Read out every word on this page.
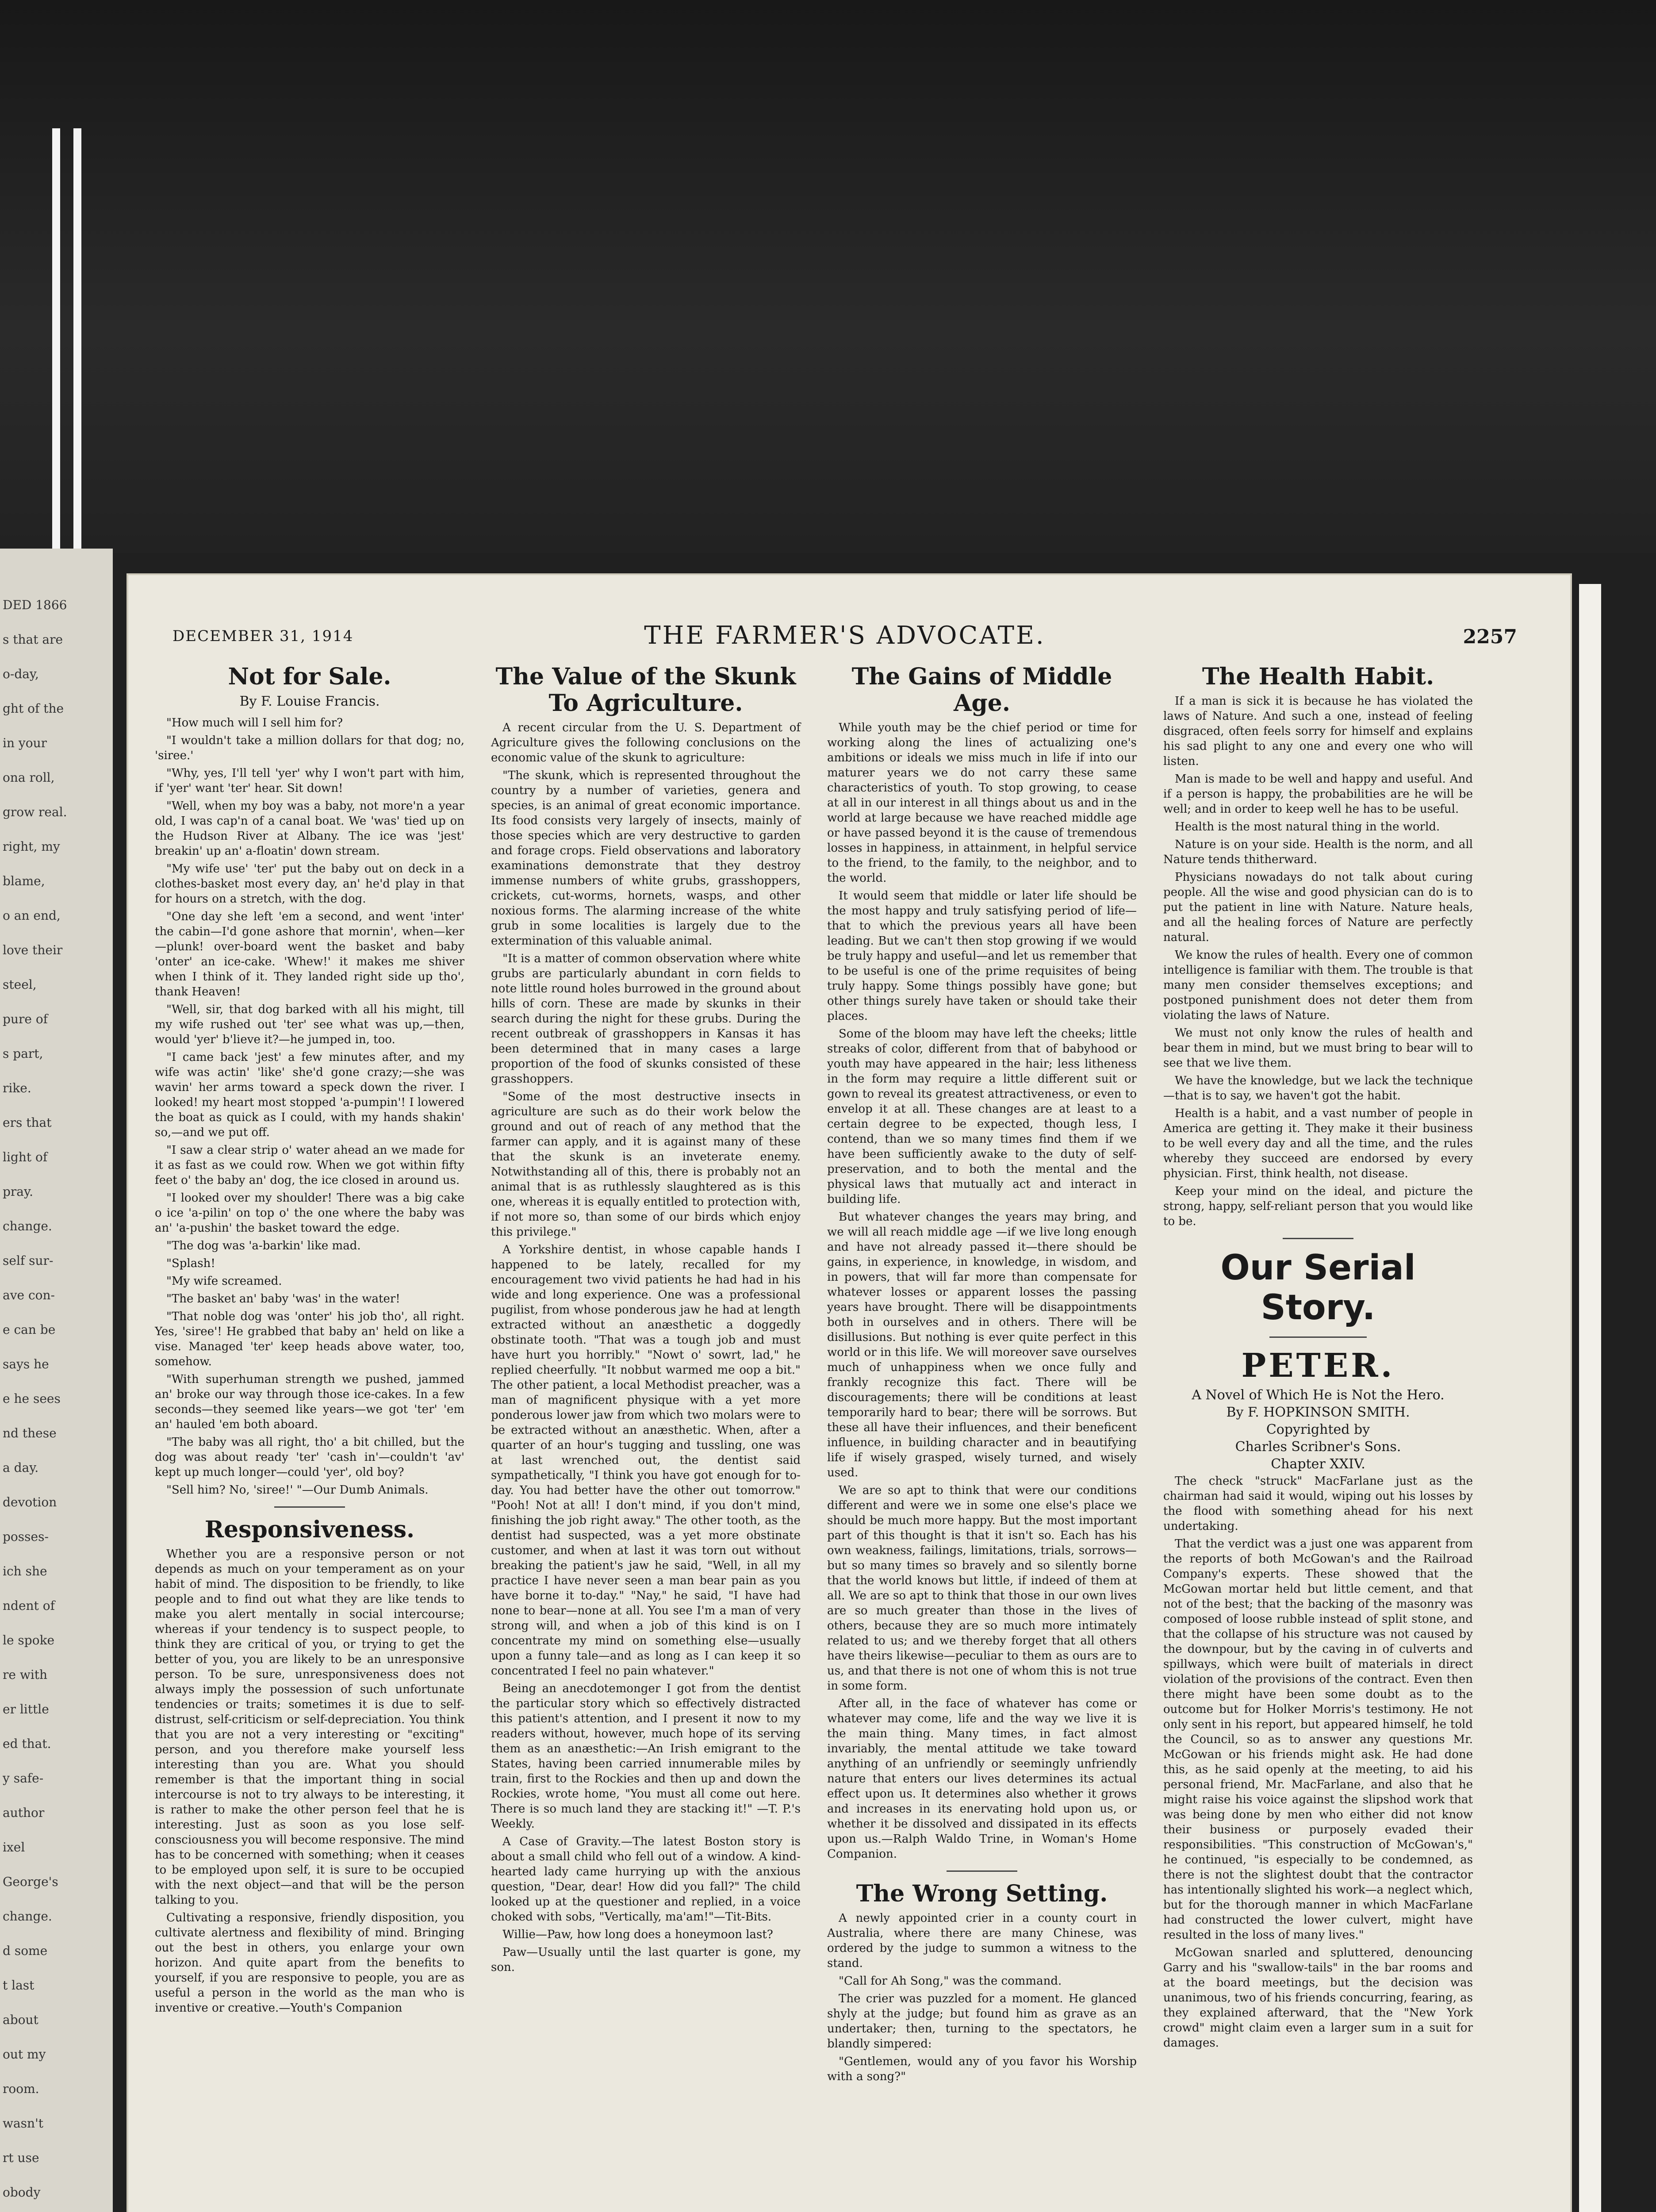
DED 1866
s that are
o-day,
ght of the
in your
ona roll,
grow real.
right, my
blame,
o an end,
love their
steel,
pure of
s part,
rike.
ers that
light of
pray.
change.
self sur-
ave con-
e can be
says he
e he sees
nd these
a day.
devotion
posses-
ich she
ndent of
le spoke
re with
er little
ed that.
y safe-
author
ixel
George's
change.
d some
t last
about
out my
room.
wasn't
rt use
obody
DECEMBER 31, 1914	THE FARMER'S ADVOCATE.	2257
Not for Sale.
By F. Louise Francis.

"How much will I sell him for?

"I wouldn't take a million dollars for that dog; no, 'siree.'

"Why, yes, I'll tell 'yer' why I won't part with him, if 'yer' want 'ter' hear. Sit down!

"Well, when my boy was a baby, not more'n a year old, I was cap'n of a canal boat. We 'was' tied up on the Hudson River at Albany. The ice was 'jest' breakin' up an' a-floatin' down stream.

"My wife use' 'ter' put the baby out on deck in a clothes-basket most every day, an' he'd play in that for hours on a stretch, with the dog.

"One day she left 'em a second, and went 'inter' the cabin—I'd gone ashore that mornin', when—ker—plunk! over-board went the basket and baby 'onter' an ice-cake. 'Whew!' it makes me shiver when I think of it. They landed right side up tho', thank Heaven!

"Well, sir, that dog barked with all his might, till my wife rushed out 'ter' see what was up,—then, would 'yer' b'lieve it?—he jumped in, too.

"I came back 'jest' a few minutes after, and my wife was actin' 'like' she'd gone crazy;—she was wavin' her arms toward a speck down the river. I looked! my heart most stopped 'a-pumpin'! I lowered the boat as quick as I could, with my hands shakin' so,—and we put off.

"I saw a clear strip o' water ahead an we made for it as fast as we could row. When we got within fifty feet o' the baby an' dog, the ice closed in around us.

"I looked over my shoulder! There was a big cake o ice 'a-pilin' on top o' the one where the baby was an' 'a-pushin' the basket toward the edge.

"The dog was 'a-barkin' like mad.

"Splash!

"My wife screamed.

"The basket an' baby 'was' in the water!

"That noble dog was 'onter' his job tho', all right. Yes, 'siree'! He grabbed that baby an' held on like a vise. Managed 'ter' keep heads above water, too, somehow.

"With superhuman strength we pushed, jammed an' broke our way through those ice-cakes. In a few seconds—they seemed like years—we got 'ter' 'em an' hauled 'em both aboard.

"The baby was all right, tho' a bit chilled, but the dog was about ready 'ter' 'cash in'—couldn't 'av' kept up much longer—could 'yer', old boy?

"Sell him? No, 'siree!' "—Our Dumb Animals.

Responsiveness.

Whether you are a responsive person or not depends as much on your temperament as on your habit of mind. The disposition to be friendly, to like people and to find out what they are like tends to make you alert mentally in social intercourse; whereas if your tendency is to suspect people, to think they are critical of you, or trying to get the better of you, you are likely to be an unresponsive person. To be sure, unresponsiveness does not always imply the possession of such unfortunate tendencies or traits; sometimes it is due to self-distrust, self-criticism or self-depreciation. You think that you are not a very interesting or "exciting" person, and you therefore make yourself less interesting than you are. What you should remember is that the important thing in social intercourse is not to try always to be interesting, it is rather to make the other person feel that he is interesting. Just as soon as you lose self-consciousness you will become responsive. The mind has to be concerned with something; when it ceases to be employed upon self, it is sure to be occupied with the next object—and that will be the person talking to you.

Cultivating a responsive, friendly disposition, you cultivate alertness and flexibility of mind. Bringing out the best in others, you enlarge your own horizon. And quite apart from the benefits to yourself, if you are responsive to people, you are as useful a person in the world as the man who is inventive or creative.—Youth's Companion

The Value of the Skunk To Agriculture.

A recent circular from the U. S. Department of Agriculture gives the following conclusions on the economic value of the skunk to agriculture:

"The skunk, which is represented throughout the country by a number of varieties, genera and species, is an animal of great economic importance. Its food consists very largely of insects, mainly of those species which are very destructive to garden and forage crops. Field observations and laboratory examinations demonstrate that they destroy immense numbers of white grubs, grasshoppers, crickets, cut-worms, hornets, wasps, and other noxious forms. The alarming increase of the white grub in some localities is largely due to the extermination of this valuable animal.

"It is a matter of common observation where white grubs are particularly abundant in corn fields to note little round holes burrowed in the ground about hills of corn. These are made by skunks in their search during the night for these grubs. During the recent outbreak of grasshoppers in Kansas it has been determined that in many cases a large proportion of the food of skunks consisted of these grasshoppers.

"Some of the most destructive insects in agriculture are such as do their work below the ground and out of reach of any method that the farmer can apply, and it is against many of these that the skunk is an inveterate enemy. Notwithstanding all of this, there is probably not an animal that is as ruthlessly slaughtered as is this one, whereas it is equally entitled to protection with, if not more so, than some of our birds which enjoy this privilege."

A Yorkshire dentist, in whose capable hands I happened to be lately, recalled for my encouragement two vivid patients he had had in his wide and long experience. One was a professional pugilist, from whose ponderous jaw he had at length extracted without an anæsthetic a doggedly obstinate tooth. "That was a tough job and must have hurt you horribly." "Nowt o' sowrt, lad," he replied cheerfully. "It nobbut warmed me oop a bit." The other patient, a local Methodist preacher, was a man of magnificent physique with a yet more ponderous lower jaw from which two molars were to be extracted without an anæsthetic. When, after a quarter of an hour's tugging and tussling, one was at last wrenched out, the dentist said sympathetically, "I think you have got enough for to-day. You had better have the other out tomorrow." "Pooh! Not at all! I don't mind, if you don't mind, finishing the job right away." The other tooth, as the dentist had suspected, was a yet more obstinate customer, and when at last it was torn out without breaking the patient's jaw he said, "Well, in all my practice I have never seen a man bear pain as you have borne it to-day." "Nay," he said, "I have had none to bear—none at all. You see I'm a man of very strong will, and when a job of this kind is on I concentrate my mind on something else—usually upon a funny tale—and as long as I can keep it so concentrated I feel no pain whatever."

Being an anecdotemonger I got from the dentist the particular story which so effectively distracted this patient's attention, and I present it now to my readers without, however, much hope of its serving them as an anæsthetic:—An Irish emigrant to the States, having been carried innumerable miles by train, first to the Rockies and then up and down the Rockies, wrote home, "You must all come out here. There is so much land they are stacking it!" —T. P.'s Weekly.

A Case of Gravity.—The latest Boston story is about a small child who fell out of a window. A kind-hearted lady came hurrying up with the anxious question, "Dear, dear! How did you fall?" The child looked up at the questioner and replied, in a voice choked with sobs, "Vertically, ma'am!"—Tit-Bits.

Willie—Paw, how long does a honeymoon last?

Paw—Usually until the last quarter is gone, my son.

The Gains of Middle Age.

While youth may be the chief period or time for working along the lines of actualizing one's ambitions or ideals we miss much in life if into our maturer years we do not carry these same characteristics of youth. To stop growing, to cease at all in our interest in all things about us and in the world at large because we have reached middle age or have passed beyond it is the cause of tremendous losses in happiness, in attainment, in helpful service to the friend, to the family, to the neighbor, and to the world.

It would seem that middle or later life should be the most happy and truly satisfying period of life—that to which the previous years all have been leading. But we can't then stop growing if we would be truly happy and useful—and let us remember that to be useful is one of the prime requisites of being truly happy. Some things possibly have gone; but other things surely have taken or should take their places.

Some of the bloom may have left the cheeks; little streaks of color, different from that of babyhood or youth may have appeared in the hair; less litheness in the form may require a little different suit or gown to reveal its greatest attractiveness, or even to envelop it at all. These changes are at least to a certain degree to be expected, though less, I contend, than we so many times find them if we have been sufficiently awake to the duty of self-preservation, and to both the mental and the physical laws that mutually act and interact in building life.

But whatever changes the years may bring, and we will all reach middle age —if we live long enough and have not already passed it—there should be gains, in experience, in knowledge, in wisdom, and in powers, that will far more than compensate for whatever losses or apparent losses the passing years have brought. There will be disappointments both in ourselves and in others. There will be disillusions. But nothing is ever quite perfect in this world or in this life. We will moreover save ourselves much of unhappiness when we once fully and frankly recognize this fact. There will be discouragements; there will be conditions at least temporarily hard to bear; there will be sorrows. But these all have their influences, and their beneficent influence, in building character and in beautifying life if wisely grasped, wisely turned, and wisely used.

We are so apt to think that were our conditions different and were we in some one else's place we should be much more happy. But the most important part of this thought is that it isn't so. Each has his own weakness, failings, limitations, trials, sorrows—but so many times so bravely and so silently borne that the world knows but little, if indeed of them at all. We are so apt to think that those in our own lives are so much greater than those in the lives of others, because they are so much more intimately related to us; and we thereby forget that all others have theirs likewise—peculiar to them as ours are to us, and that there is not one of whom this is not true in some form.

After all, in the face of whatever has come or whatever may come, life and the way we live it is the main thing. Many times, in fact almost invariably, the mental attitude we take toward anything of an unfriendly or seemingly unfriendly nature that enters our lives determines its actual effect upon us. It determines also whether it grows and increases in its enervating hold upon us, or whether it be dissolved and dissipated in its effects upon us.—Ralph Waldo Trine, in Woman's Home Companion.

The Wrong Setting.

A newly appointed crier in a county court in Australia, where there are many Chinese, was ordered by the judge to summon a witness to the stand.

"Call for Ah Song," was the command.

The crier was puzzled for a moment. He glanced shyly at the judge; but found him as grave as an undertaker; then, turning to the spectators, he blandly simpered:

"Gentlemen, would any of you favor his Worship with a song?"

The Health Habit.

If a man is sick it is because he has violated the laws of Nature. And such a one, instead of feeling disgraced, often feels sorry for himself and explains his sad plight to any one and every one who will listen.

Man is made to be well and happy and useful. And if a person is happy, the probabilities are he will be well; and in order to keep well he has to be useful.

Health is the most natural thing in the world.

Nature is on your side. Health is the norm, and all Nature tends thitherward.

Physicians nowadays do not talk about curing people. All the wise and good physician can do is to put the patient in line with Nature. Nature heals, and all the healing forces of Nature are perfectly natural.

We know the rules of health. Every one of common intelligence is familiar with them. The trouble is that many men consider themselves exceptions; and postponed punishment does not deter them from violating the laws of Nature.

We must not only know the rules of health and bear them in mind, but we must bring to bear will to see that we live them.

We have the knowledge, but we lack the technique—that is to say, we haven't got the habit.

Health is a habit, and a vast number of people in America are getting it. They make it their business to be well every day and all the time, and the rules whereby they succeed are endorsed by every physician. First, think health, not disease.

Keep your mind on the ideal, and picture the strong, happy, self-reliant person that you would like to be.

Our Serial Story.
PETER.
A Novel of Which He is Not the Hero.
By F. HOPKINSON SMITH.
Copyrighted by
Charles Scribner's Sons.
Chapter XXIV.

The check "struck" MacFarlane just as the chairman had said it would, wiping out his losses by the flood with something ahead for his next undertaking.

That the verdict was a just one was apparent from the reports of both McGowan's and the Railroad Company's experts. These showed that the McGowan mortar held but little cement, and that not of the best; that the backing of the masonry was composed of loose rubble instead of split stone, and that the collapse of his structure was not caused by the downpour, but by the caving in of culverts and spillways, which were built of materials in direct violation of the provisions of the contract. Even then there might have been some doubt as to the outcome but for Holker Morris's testimony. He not only sent in his report, but appeared himself, he told the Council, so as to answer any questions Mr. McGowan or his friends might ask. He had done this, as he said openly at the meeting, to aid his personal friend, Mr. MacFarlane, and also that he might raise his voice against the slipshod work that was being done by men who either did not know their business or purposely evaded their responsibilities. "This construction of McGowan's," he continued, "is especially to be condemned, as there is not the slightest doubt that the contractor has intentionally slighted his work—a neglect which, but for the thorough manner in which MacFarlane had constructed the lower culvert, might have resulted in the loss of many lives."

McGowan snarled and spluttered, denouncing Garry and his "swallow-tails" in the bar rooms and at the board meetings, but the decision was unanimous, two of his friends concurring, fearing, as they explained afterward, that the "New York crowd" might claim even a larger sum in a suit for damages.
